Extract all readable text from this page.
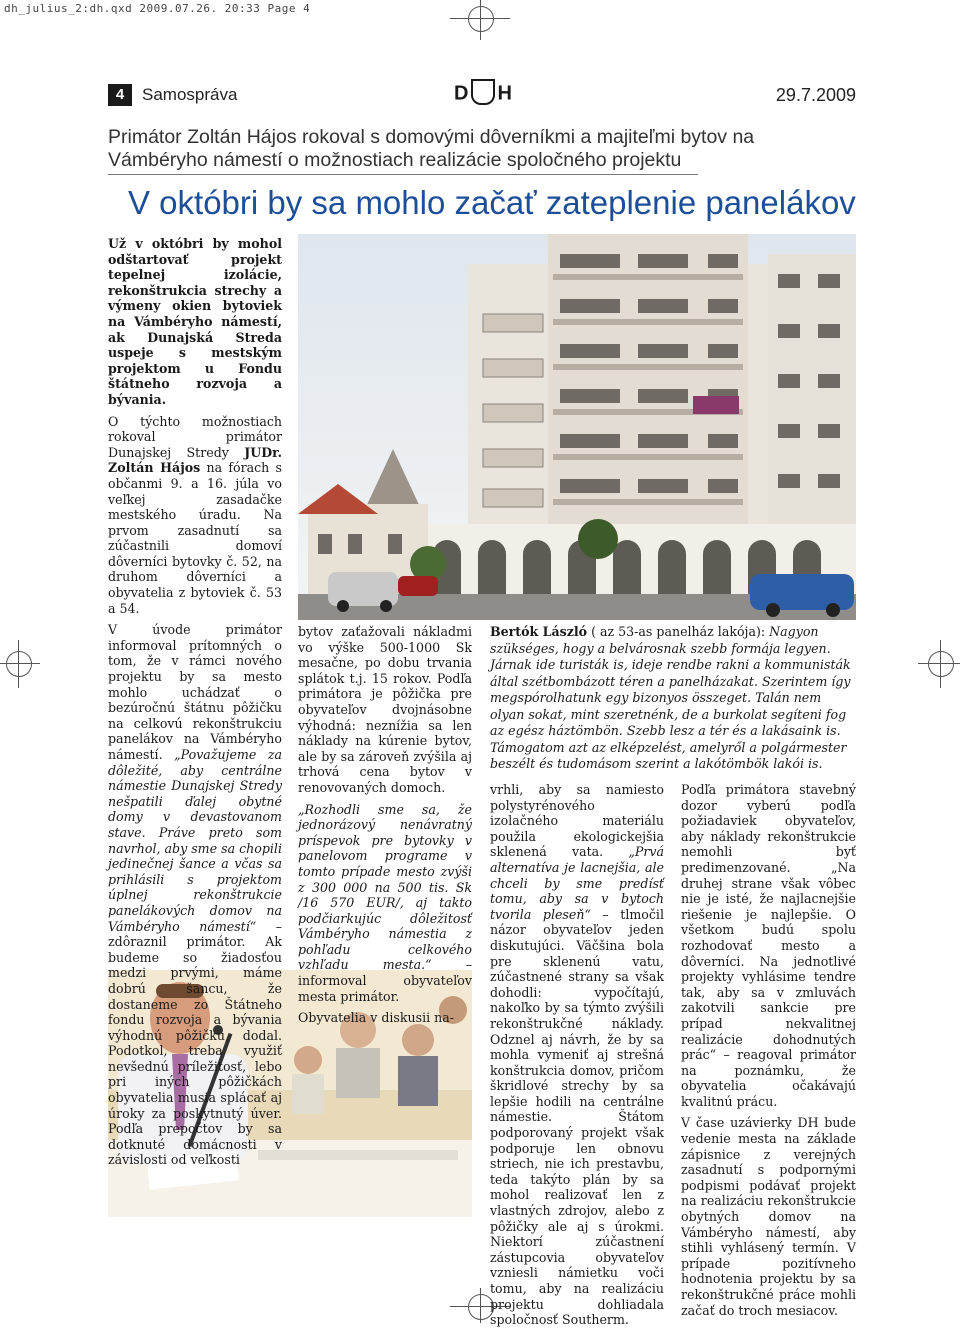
dh_julius_2:dh.qxd 2009.07.26. 20:33 Page 4
4	Samospráva	D H	29.7.2009
Primátor Zoltán Hájos rokoval s domovými dôverníkmi a majiteľmi bytov na Vámbéryho námestí o možnostiach realizácie spoločného projektu
V októbri by sa mohlo začať zateplenie panelákov

Už v októbri by mohol odštartovať projekt tepelnej izolácie, rekonštrukcia strechy a výmeny okien bytoviek na Vámbéryho námestí, ak Dunajská Streda uspeje s mestským projektom u Fondu štátneho rozvoja a bývania.

O týchto možnostiach rokoval primátor Dunajskej Stredy JUDr. Zoltán Hájos na fórach s občanmi 9. a 16. júla vo veľkej zasadačke mestského úradu. Na prvom zasadnutí sa zúčastnili domoví dôverníci bytovky č. 52, na druhom dôverníci a obyvatelia z bytoviek č. 53 a 54.

V úvode primátor informoval prítomných o tom, že v rámci nového projektu by sa mesto mohlo uchádzať o bezúročnú štátnu pôžičku na celkovú rekonštrukciu panelákov na Vámbéryho námestí. „Považujeme za dôležité, aby centrálne námestie Dunajskej Stredy nešpatili ďalej obytné domy v devastovanom stave. Práve preto som navrhol, aby sme sa chopili jedinečnej šance a včas sa prihlásili s projektom úplnej rekonštrukcie panelákových domov na Vámbéryho námestí“ – zdôraznil primátor. Ak budeme so žiadosťou medzi prvými, máme dobrú šancu, že dostaneme zo Štátneho fondu rozvoja a bývania výhodnú pôžičku, dodal. Podotkol, treba využiť nevšednú príležitosť, lebo pri iných pôžičkách obyvatelia musia splácať aj úroky za poskytnutý úver. Podľa prepočtov by sa dotknuté domácnosti v závislosti od veľkosti

bytov zaťažovali nákladmi vo výške 500-1000 Sk mesačne, po dobu trvania splátok t.j. 15 rokov. Podľa primátora je pôžička pre obyvateľov dvojnásobne výhodná: neznížia sa len náklady na kúrenie bytov, ale by sa zároveň zvýšila aj trhová cena bytov v renovovaných domoch.

„Rozhodli sme sa, že jednorázový nenávratný príspevok pre bytovky v panelovom programe v tomto prípade mesto zvýši z 300 000 na 500 tis. Sk /16 570 EUR/, aj takto podčiarkujúc dôležitosť Vámbéryho námestia z pohľadu celkového vzhľadu mesta.“ – informoval obyvateľov mesta primátor.

Obyvatelia v diskusii na-

Bertók László ( az 53-as panelház lakója): Nagyon szükséges, hogy a belvárosnak szebb formája legyen. Járnak ide turisták is, ideje rendbe rakni a kommunisták által szétbombázott téren a panelházakat. Szerintem így megspórolhatunk egy bizonyos összeget. Talán nem olyan sokat, mint szeretnénk, de a burkolat segíteni fog az egész háztömbön. Szebb lesz a tér és a lakásaink is. Támogatom azt az elképzelést, amelyről a polgármester beszélt és tudomásom szerint a lakótömbök lakói is.

vrhli, aby sa namiesto polystyrénového izolačného materiálu použila ekologickejšia sklenená vata. „Prvá alternatíva je lacnejšia, ale chceli by sme predísť tomu, aby sa v bytoch tvorila pleseň“ – tlmočil názor obyvateľov jeden diskutujúci. Väčšina bola pre sklenenú vatu, zúčastnené strany sa však dohodli: vypočítajú, nakoľko by sa týmto zvýšili rekonštrukčné náklady. Odznel aj návrh, že by sa mohla vymeniť aj strešná konštrukcia domov, pričom škridlové strechy by sa lepšie hodili na centrálne námestie. Štátom podporovaný projekt však podporuje len obnovu striech, nie ich prestavbu, teda takýto plán by sa mohol realizovať len z vlastných zdrojov, alebo z pôžičky ale aj s úrokmi. Niektorí zúčastnení zástupcovia obyvateľov vzniesli námietku voči tomu, aby na realizáciu projektu dohliadala spoločnosť Southerm.

Podľa primátora stavebný dozor vyberú podľa požiadaviek obyvateľov, aby náklady rekonštrukcie nemohli byť predimenzované. „Na druhej strane však vôbec nie je isté, že najlacnejšie riešenie je najlepšie. O všetkom budú spolu rozhodovať mesto a dôverníci. Na jednotlivé projekty vyhlásime tendre tak, aby sa v zmluvách zakotvili sankcie pre prípad nekvalitnej realizácie dohodnutých prác“ – reagoval primátor na poznámku, že obyvatelia očakávajú kvalitnú prácu.

V čase uzávierky DH bude vedenie mesta na základe zápisnice z verejných zasadnutí s podpornými podpismi podávať projekt na realizáciu rekonštrukcie obytných domov na Vámbéryho námestí, aby stihli vyhlásený termín. V prípade pozitívneho hodnotenia projektu by sa rekonštrukčné práce mohli začať do troch mesiacov.
